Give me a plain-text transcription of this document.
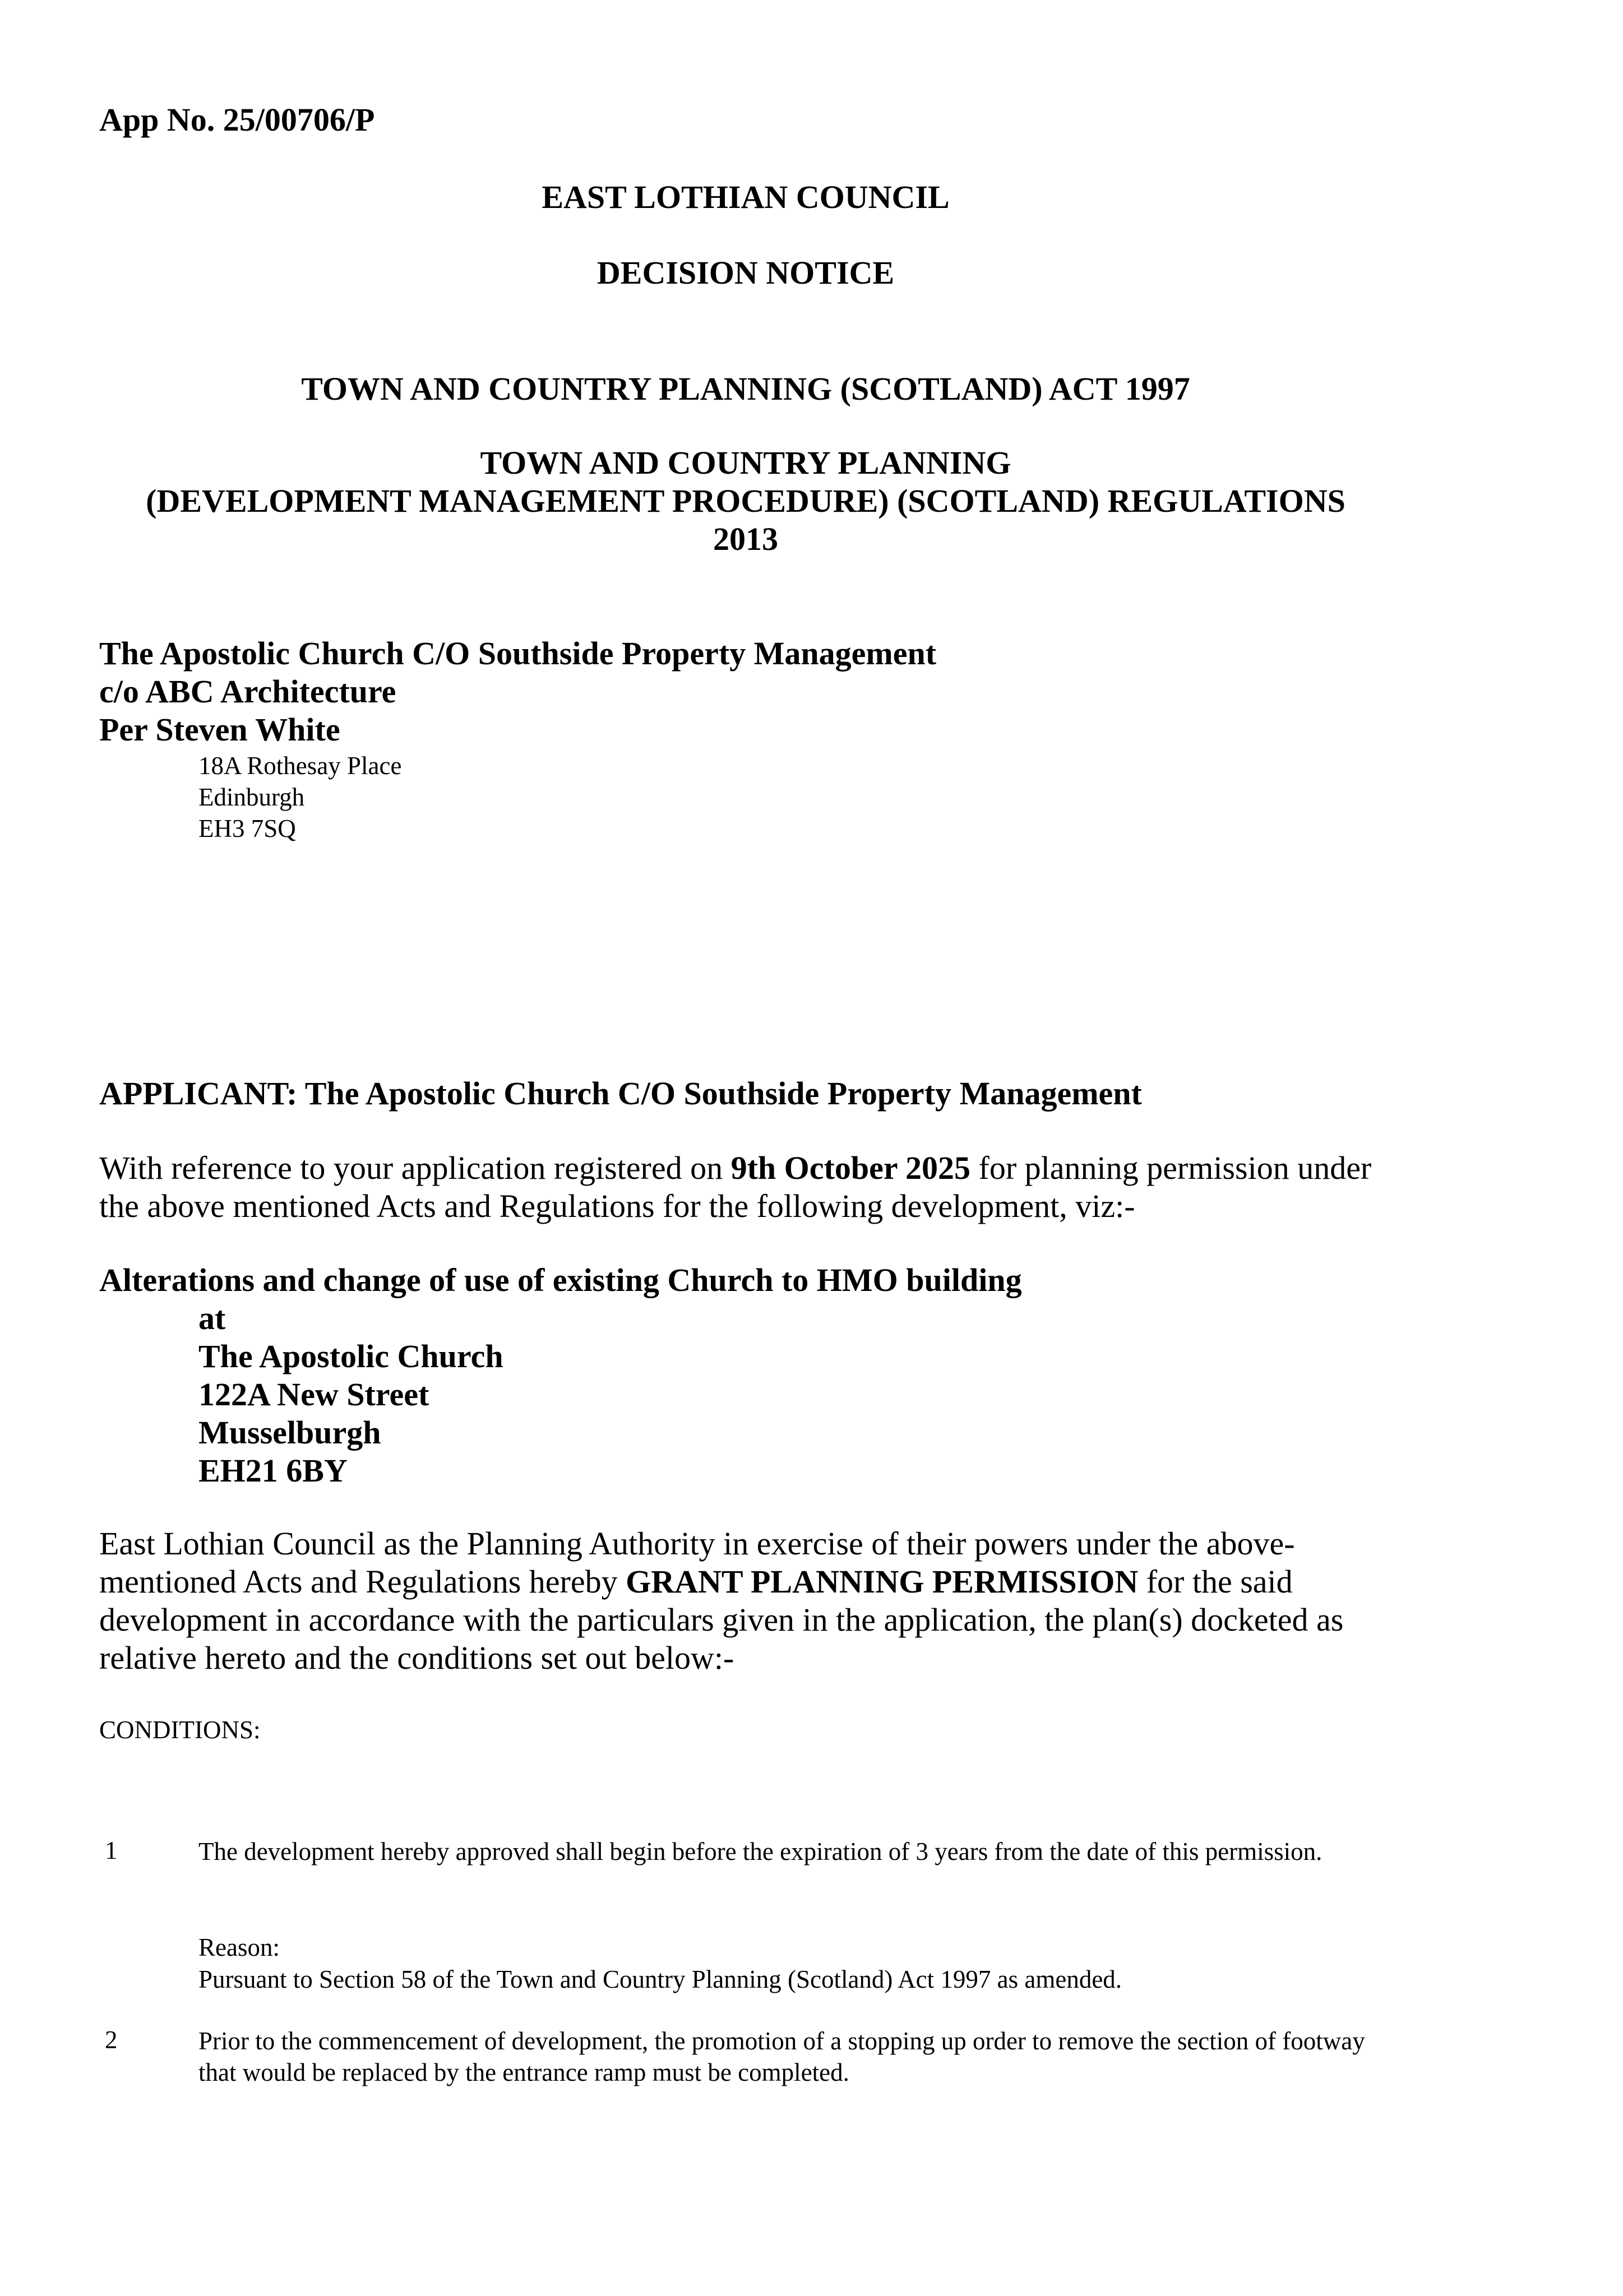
App No. 25/00706/P
EAST LOTHIAN COUNCIL
DECISION NOTICE
TOWN AND COUNTRY PLANNING (SCOTLAND) ACT 1997
TOWN AND COUNTRY PLANNING
(DEVELOPMENT MANAGEMENT PROCEDURE) (SCOTLAND) REGULATIONS
2013
The Apostolic Church C/O Southside Property Management
c/o ABC Architecture
Per Steven White
18A Rothesay Place
Edinburgh
EH3 7SQ
APPLICANT: The Apostolic Church C/O Southside Property Management
With reference to your application registered on 9th October 2025 for planning permission under the above mentioned Acts and Regulations for the following development, viz:-
Alterations and change of use of existing Church to HMO building
at
The Apostolic Church
122A New Street
Musselburgh
EH21 6BY
East Lothian Council as the Planning Authority in exercise of their powers under the above-mentioned Acts and Regulations hereby GRANT PLANNING PERMISSION for the said development in accordance with the particulars given in the application, the plan(s) docketed as relative hereto and the conditions set out below:-
CONDITIONS:
1	The development hereby approved shall begin before the expiration of 3 years from the date of this permission.
Reason:
Pursuant to Section 58 of the Town and Country Planning (Scotland) Act 1997 as amended.
2	Prior to the commencement of development, the promotion of a stopping up order to remove the section of footway that would be replaced by the entrance ramp must be completed.
